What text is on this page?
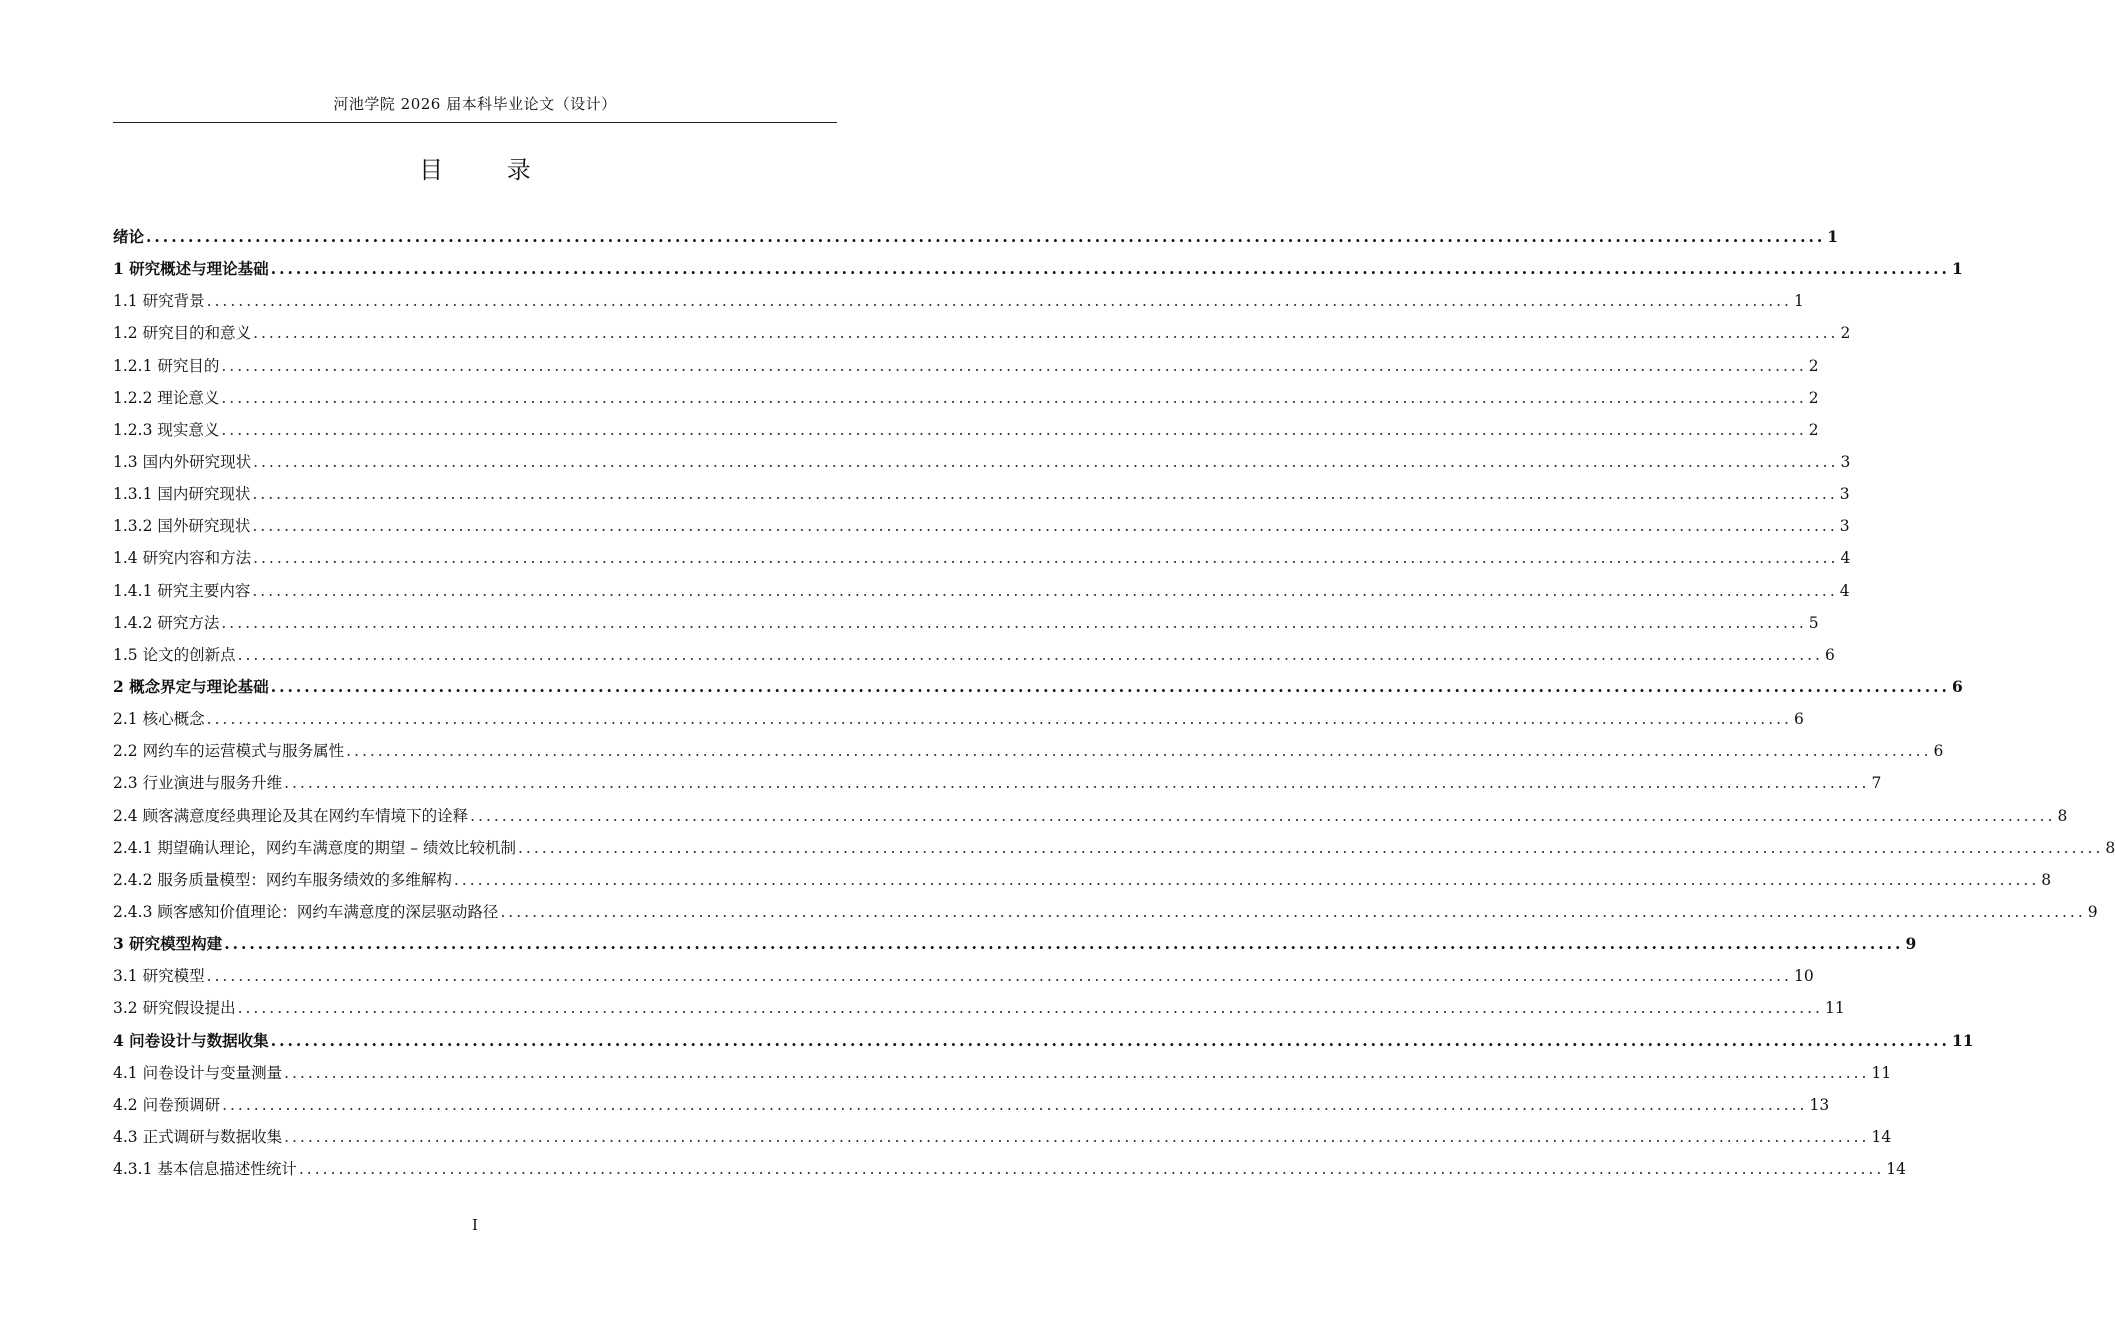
河池学院 2026 届本科毕业论文（设计）
目 录
绪论 ........................................................................................................................................................................................................ 1
1 研究概述与理论基础 ........................................................................................................................................................................................................ 1
1.1 研究背景 ........................................................................................................................................................................................................ 1
1.2 研究目的和意义 ........................................................................................................................................................................................................ 2
1.2.1 研究目的 ........................................................................................................................................................................................................ 2
1.2.2 理论意义 ........................................................................................................................................................................................................ 2
1.2.3 现实意义 ........................................................................................................................................................................................................ 2
1.3 国内外研究现状 ........................................................................................................................................................................................................ 3
1.3.1 国内研究现状 ........................................................................................................................................................................................................ 3
1.3.2 国外研究现状 ........................................................................................................................................................................................................ 3
1.4 研究内容和方法 ........................................................................................................................................................................................................ 4
1.4.1 研究主要内容 ........................................................................................................................................................................................................ 4
1.4.2 研究方法 ........................................................................................................................................................................................................ 5
1.5 论文的创新点 ........................................................................................................................................................................................................ 6
2 概念界定与理论基础 ........................................................................................................................................................................................................ 6
2.1 核心概念 ........................................................................................................................................................................................................ 6
2.2 网约车的运营模式与服务属性 ........................................................................................................................................................................................................ 6
2.3 行业演进与服务升维 ........................................................................................................................................................................................................ 7
2.4 顾客满意度经典理论及其在网约车情境下的诠释 ........................................................................................................................................................................................................ 8
2.4.1 期望确认理论，网约车满意度的期望 – 绩效比较机制 ........................................................................................................................................................................................................ 8
2.4.2 服务质量模型：网约车服务绩效的多维解构 ........................................................................................................................................................................................................ 8
2.4.3 顾客感知价值理论：网约车满意度的深层驱动路径 ........................................................................................................................................................................................................ 9
3 研究模型构建 ........................................................................................................................................................................................................ 9
3.1 研究模型 ........................................................................................................................................................................................................ 10
3.2 研究假设提出 ........................................................................................................................................................................................................ 11
4 问卷设计与数据收集 ........................................................................................................................................................................................................ 11
4.1 问卷设计与变量测量 ........................................................................................................................................................................................................ 11
4.2 问卷预调研 ........................................................................................................................................................................................................ 13
4.3 正式调研与数据收集 ........................................................................................................................................................................................................ 14
4.3.1 基本信息描述性统计 ........................................................................................................................................................................................................ 14
I
